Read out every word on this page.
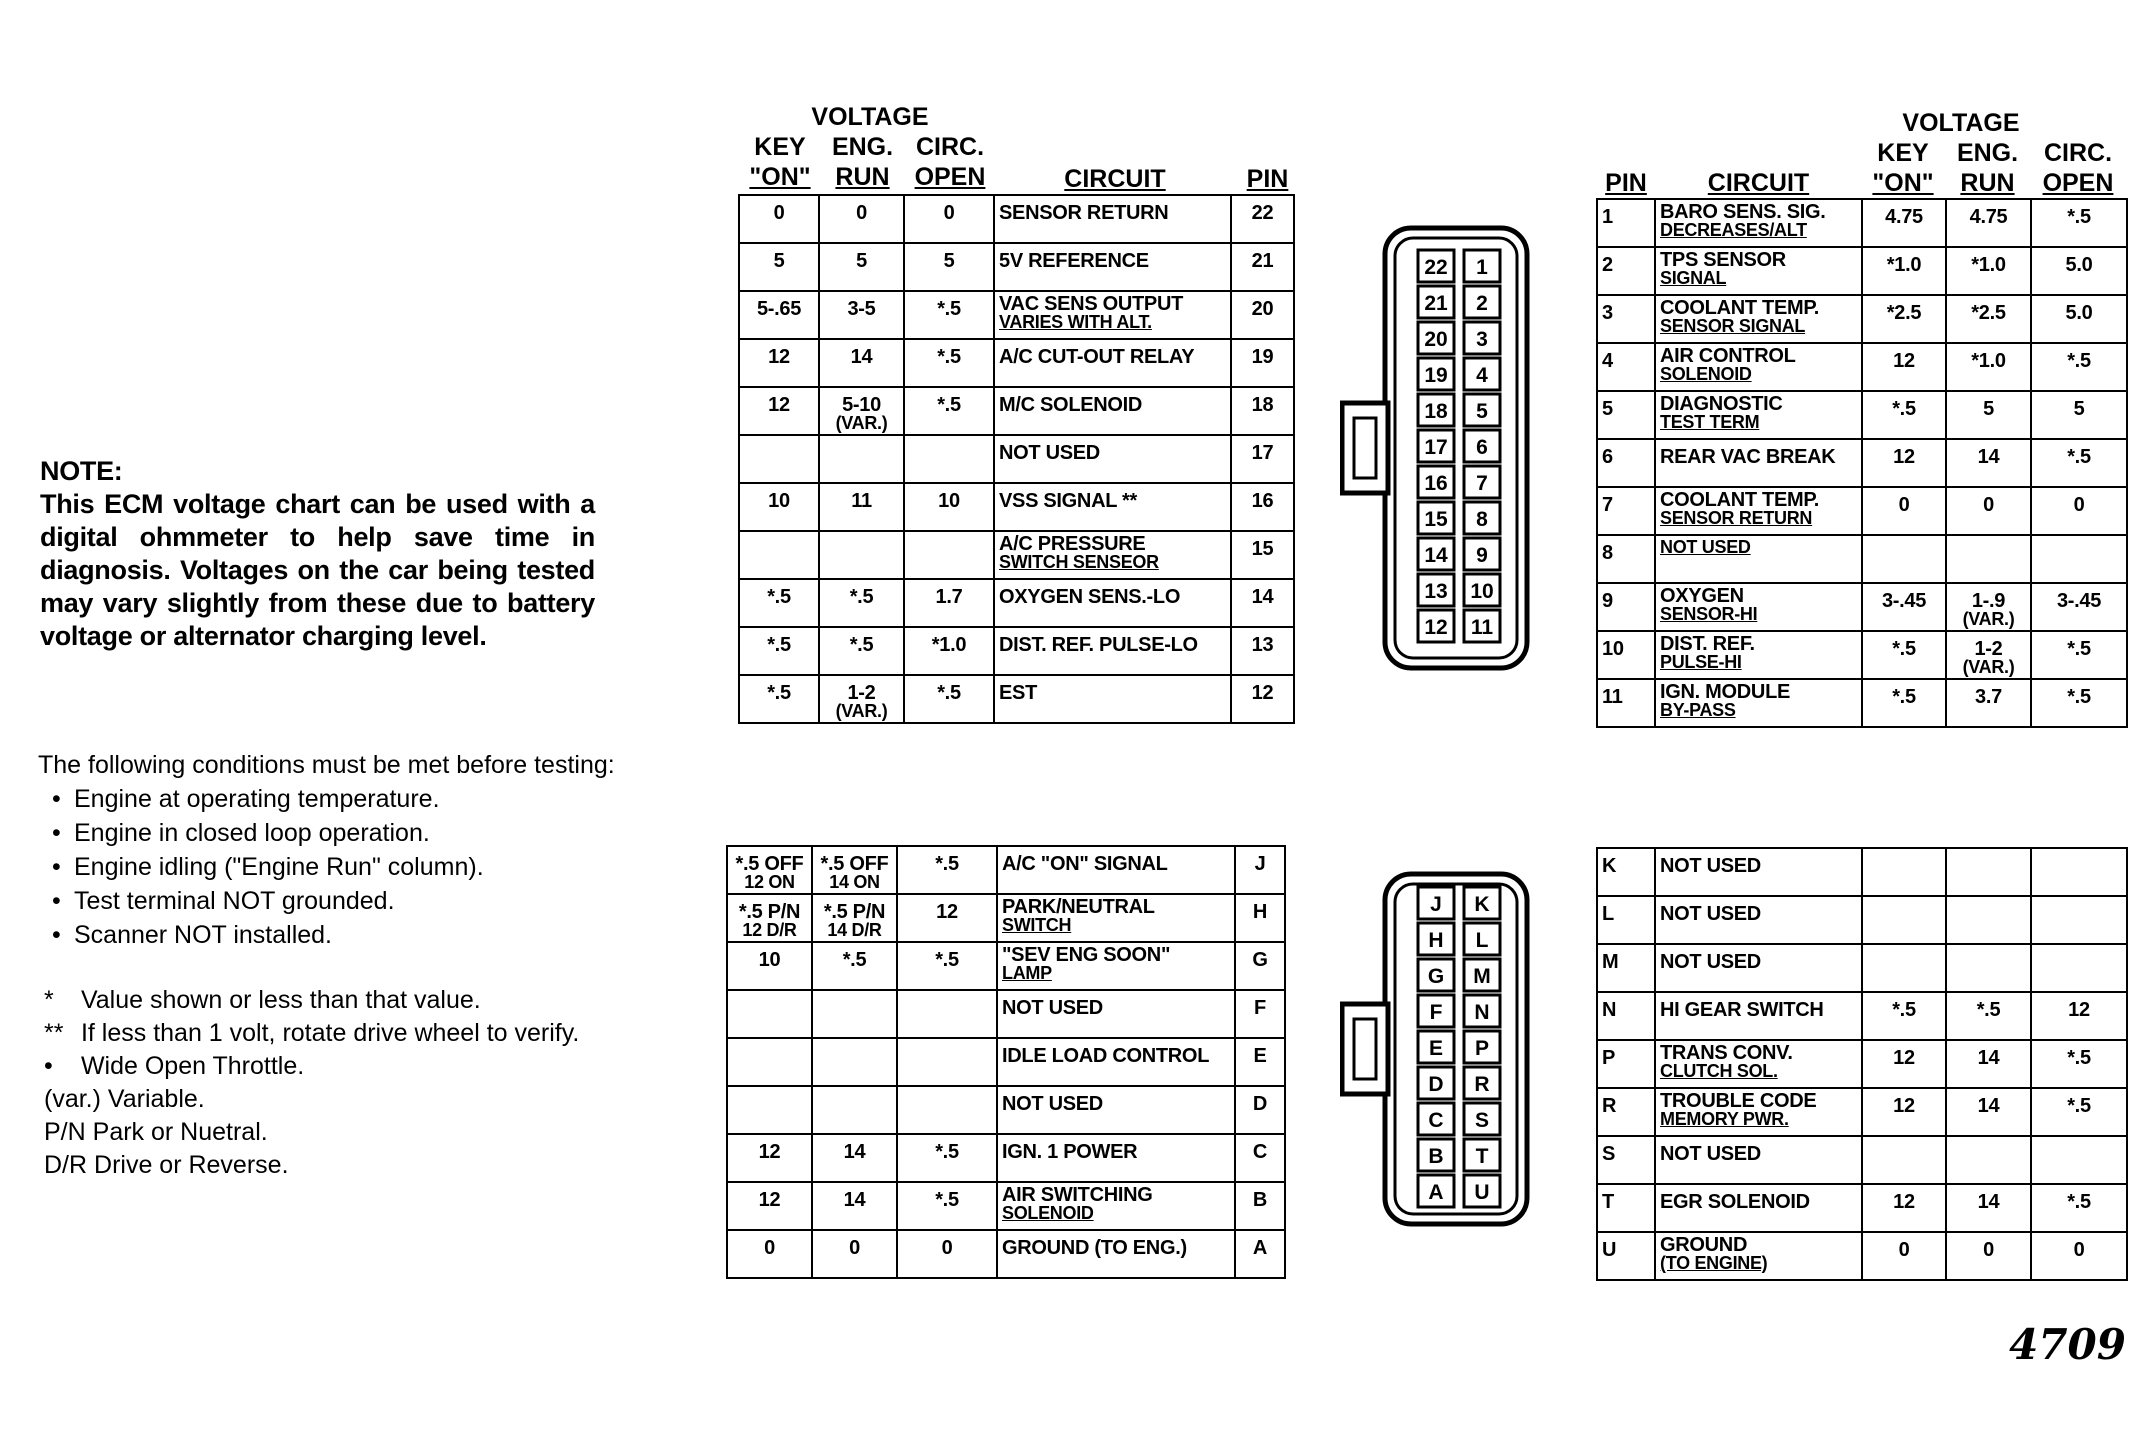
NOTE:
This ECM voltage chart can be used with a digital ohmmeter to help save time in diagnosis. Voltages on the car being tested may vary slightly from these due to battery voltage or alternator charging level.
The following conditions must be met before testing:
• Engine at operating temperature.
• Engine in closed loop operation.
• Engine idling ("Engine Run" column).
• Test terminal NOT grounded.
• Scanner NOT installed.
* Value shown or less than that value.
** If less than 1 volt, rotate drive wheel to verify.
• Wide Open Throttle.
(var.) Variable.
P/N Park or Nuetral.
D/R Drive or Reverse.
VOLTAGE
KEY	ENG. CIRC.
"ON" RUN OPEN	CIRCUIT	PIN
VOLTAGE
KEY	ENG.	CIRC.
PIN	CIRCUIT	"ON"	RUN	OPEN
0	0	0	SENSOR RETURN	22
5	5	5	5V REFERENCE	21
5-.65	3-5	*.5	VAC SENS OUTPUT
VARIES WITH ALT.	20
12	14	*.5	A/C CUT-OUT RELAY	19
12	5-10
(VAR.)	*.5	M/C SOLENOID	18
			NOT USED	17
10	11	10	VSS SIGNAL **	16
			A/C PRESSURE
SWITCH SENSEOR	15
*.5	*.5	1.7	OXYGEN SENS.-LO	14
*.5	*.5	*1.0	DIST. REF. PULSE-LO	13
*.5	1-2
(VAR.)	*.5	EST	12
1	BARO SENS. SIG.
DECREASES/ALT	4.75	4.75	*.5
2	TPS SENSOR
SIGNAL	*1.0	*1.0	5.0
3	COOLANT TEMP.
SENSOR SIGNAL	*2.5	*2.5	5.0
4	AIR CONTROL
SOLENOID	12	*1.0	*.5
5	DIAGNOSTIC
TEST TERM	*.5	5	5
6	REAR VAC BREAK	12	14	*.5
7	COOLANT TEMP.
SENSOR RETURN	0	0	0
8	NOT USED			

9	OXYGEN
SENSOR-HI	3-.45	1-.9
(VAR.)	3-.45
10	DIST. REF.
PULSE-HI	*.5	1-2
(VAR.)	*.5
11	IGN. MODULE
BY-PASS	*.5	3.7	*.5
*.5 OFF
12 ON	*.5 OFF
14 ON	*.5	A/C "ON" SIGNAL	J
*.5 P/N
12 D/R	*.5 P/N
14 D/R	12	PARK/NEUTRAL
SWITCH	H
10	*.5	*.5	"SEV ENG SOON"
LAMP	G
			NOT USED	F
			IDLE LOAD CONTROL	E
			NOT USED	D
12	14	*.5	IGN. 1 POWER	C
12	14	*.5	AIR SWITCHING
SOLENOID	B
0	0	0	GROUND (TO ENG.)	A
K	NOT USED			
L	NOT USED			
M	NOT USED			
N	HI GEAR SWITCH	*.5	*.5	12
P	TRANS CONV.
CLUTCH SOL.	12	14	*.5
R	TROUBLE CODE
MEMORY PWR.	12	14	*.5
S	NOT USED			
T	EGR SOLENOID	12	14	*.5
U	GROUND
(TO ENGINE)	0	0	0
22
21
20
19
18
17
16
15
14
13
12
1
2
3
4
5
6
7
8
9
10
11
J
H
G
F
E
D
C
B
A
K
L
M
N
P
R
S
T
U
4709
